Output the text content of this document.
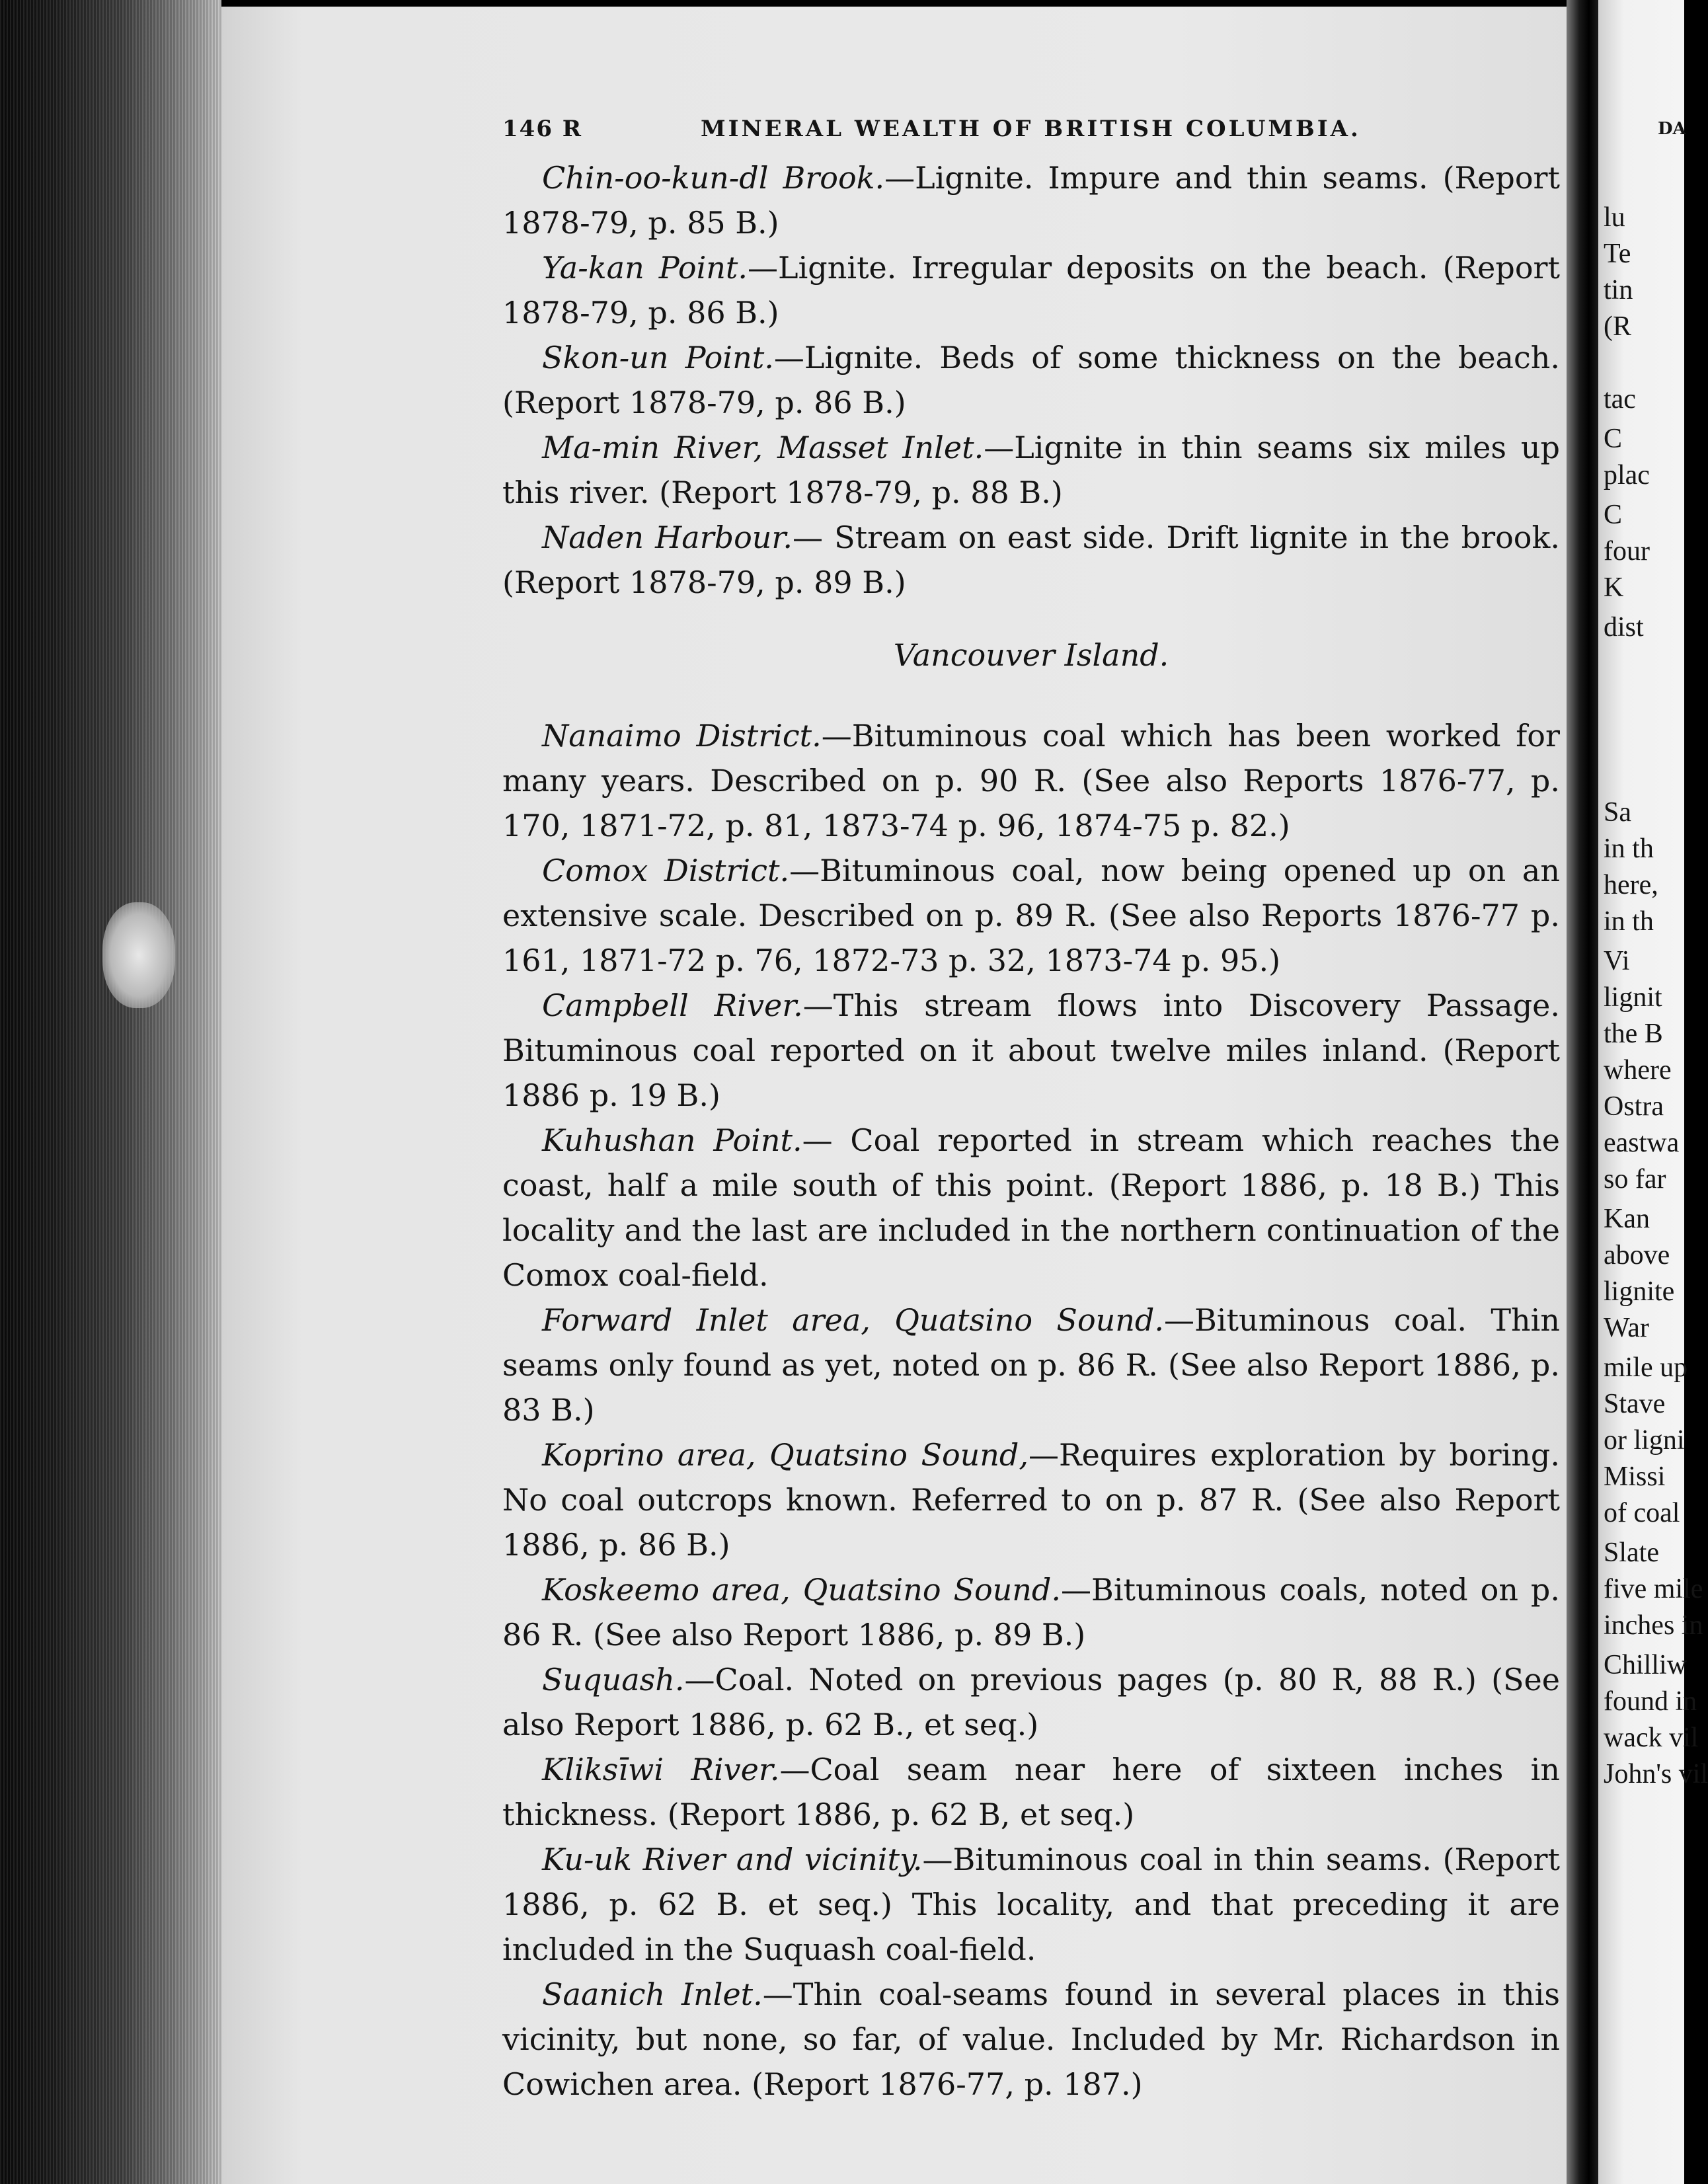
146 R	MINERAL WEALTH OF BRITISH COLUMBIA.

Chin-oo-kun-dl Brook.—Lignite. Impure and thin seams. (Report 1878-79, p. 85 B.)

Ya-kan Point.—Lignite. Irregular deposits on the beach. (Report 1878-79, p. 86 B.)

Skon-un Point.—Lignite. Beds of some thickness on the beach. (Report 1878-79, p. 86 B.)

Ma-min River, Masset Inlet.—Lignite in thin seams six miles up this river. (Report 1878-79, p. 88 B.)

Naden Harbour.— Stream on east side. Drift lignite in the brook. (Report 1878-79, p. 89 B.)

Vancouver Island.

Nanaimo District.—Bituminous coal which has been worked for many years. Described on p. 90 R. (See also Reports 1876-77, p. 170, 1871-72, p. 81, 1873-74 p. 96, 1874-75 p. 82.)

Comox District.—Bituminous coal, now being opened up on an extensive scale. Described on p. 89 R. (See also Reports 1876-77 p. 161, 1871-72 p. 76, 1872-73 p. 32, 1873-74 p. 95.)

Campbell River.—This stream flows into Discovery Passage. Bituminous coal reported on it about twelve miles inland. (Report 1886 p. 19 B.)

Kuhushan Point.— Coal reported in stream which reaches the coast, half a mile south of this point. (Report 1886, p. 18 B.) This locality and the last are included in the northern continuation of the Comox coal-field.

Forward Inlet area, Quatsino Sound.—Bituminous coal. Thin seams only found as yet, noted on p. 86 R. (See also Report 1886, p. 83 B.)

Koprino area, Quatsino Sound,—Requires exploration by boring. No coal outcrops known. Referred to on p. 87 R. (See also Report 1886, p. 86 B.)

Koskeemo area, Quatsino Sound.—Bituminous coals, noted on p. 86 R. (See also Report 1886, p. 89 B.)

Suquash.—Coal. Noted on previous pages (p. 80 R, 88 R.) (See also Report 1886, p. 62 B., et seq.)

Kliksīwi River.—Coal seam near here of sixteen inches in thickness. (Report 1886, p. 62 B, et seq.)

Ku-uk River and vicinity.—Bituminous coal in thin seams. (Report 1886, p. 62 B. et seq.) This locality, and that preceding it are included in the Suquash coal-field.

Saanich Inlet.—Thin coal-seams found in several places in this vicinity, but none, so far, of value. Included by Mr. Richardson in Cowichen area. (Report 1876-77, p. 187.)

DA
lu
Te
tin
(R
tac
C
plac
C
four
K
dist
Sa
in th
here,
in th
Vi
lignit
the B
where
Ostra
eastwa
so far
Kan
above
lignite
War
mile up
Stave
or ligni
Missi
of coal
Slate
five mile
inches in
Chilliw
found in
wack vil
John's vil
